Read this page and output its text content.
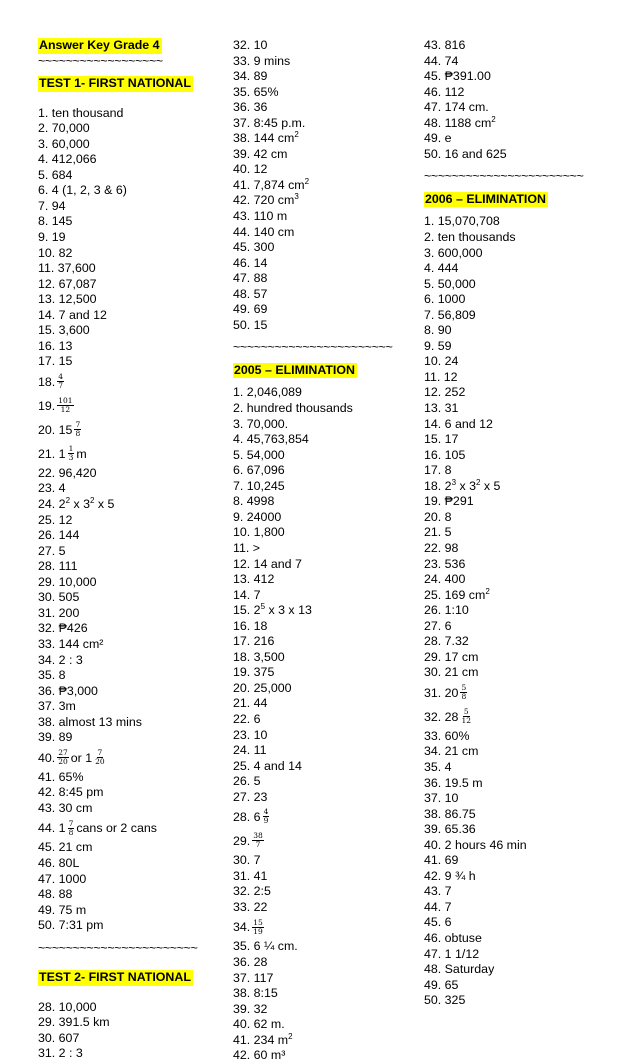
Answer Key Grade 4
~~~~~~~~~~~~~~~~~~
TEST 1- FIRST NATIONAL
1. ten thousand
2. 70,000
3. 60,000
4. 412,066
5. 684
6. 4 (1, 2, 3 & 6)
7. 94
8. 145
9. 19
10. 82
11. 37,600
12. 67,087
13. 12,500
14. 7 and 12
15. 3,600
16. 13
17. 15
18. $\frac{4}{7}$
19. $\frac{101}{12}$
20. $15 \frac{7}{8}$
21. $1 \frac{1}{3}$ m
22. 96,420
23. 4
24. $2^2$ x $3^2$ x 5
25. 12
26. 144
27. 5
28. 111
29. 10,000
30. 505
31. 200
32. ₱426
33. 144 cm²
34. 2 : 3
35. 8
36. ₱3,000
37. 3m
38. almost 13 mins
39. 89
40. $\frac{27}{20}$ or $1 \frac{7}{20}$
41. 65%
42. 8:45 pm
43. 30 cm
44. $1 \frac{7}{8}$ cans or 2 cans
45. 21 cm
46. 80L
47. 1000
48. 88
49. 75 m
50. 7:31 pm
~~~~~~~~~~~~~~~~~~~~~~~
TEST 2- FIRST NATIONAL
28. 10,000
29. 391.5 km
30. 607
31. 2 : 3
32. 10
33. 9 mins
34. 89
35. 65%
36. 36
37. 8:45 p.m.
38. 144 $cm^2$
39. 42 cm
40. 12
41. 7,874 $cm^2$
42. 720 $cm^3$
43. 110 m
44. 140 cm
45. 300
46. 14
47. 88
48. 57
49. 69
50. 15
~~~~~~~~~~~~~~~~~~~~~~~
2005 – ELIMINATION
1. 2,046,089
2. hundred thousands
3. 70,000.
4. 45,763,854
5. 54,000
6. 67,096
7. 10,245
8. 4998
9. 24000
10. 1,800
11. >
12. 14 and 7
13. 412
14. 7
15. $2^5$ x 3 x 13
16. 18
17. 216
18. 3,500
19. 375
20. 25,000
21. 44
22. 6
23. 10
24. 11
25. 4 and 14
26. 5
27. 23
28. $6 \frac{4}{9}$
29. $\frac{38}{7}$
30. 7
31. 41
32. 2:5
33. 22
34. $\frac{15}{19}$
35. 6 ¼ cm.
36. 28
37. 117
38. 8:15
39. 32
40. 62 m.
41. 234 $m^2$
42. 60 m³
43. 816
44. 74
45. ₱391.00
46. 112
47. 174 cm.
48. 1188 $cm^2$
49. e
50. 16 and 625
~~~~~~~~~~~~~~~~~~~~~~~
2006 – ELIMINATION
1. 15,070,708
2. ten thousands
3. 600,000
4. 444
5. 50,000
6. 1000
7. 56,809
8. 90
9. 59
10. 24
11. 12
12. 252
13. 31
14. 6 and 12
15. 17
16. 105
17. 8
18. $2^3$ x $3^2$ x 5
19. ₱291
20. 8
21. 5
22. 98
23. 536
24. 400
25. 169 $cm^2$
26. 1:10
27. 6
28. 7.32
29. 17 cm
30. 21 cm
31. $20 \frac{5}{8}$
32. $28 \frac{5}{12}$
33. 60%
34. 21 cm
35. 4
36. 19.5 m
37. 10
38. 86.75
39. 65.36
40. 2 hours 46 min
41. 69
42. 9 ¾ h
43. 7
44. 7
45. 6
46. obtuse
47. 1 1/12
48. Saturday
49. 65
50. 325
